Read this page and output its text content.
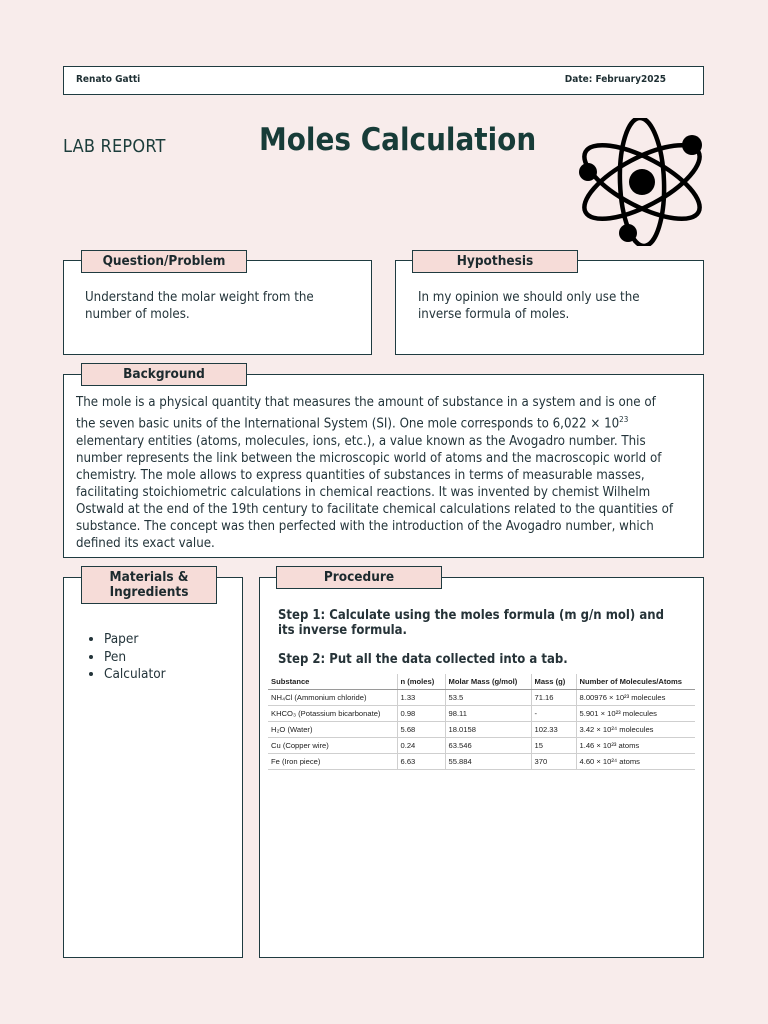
Renato Gatti	Date: February2025
LAB REPORT	Moles Calculation
Question/Problem
Understand the molar weight from the number of moles.
Hypothesis
In my opinion we should only use the inverse formula of moles.
Background
The mole is a physical quantity that measures the amount of substance in a system and is one of the seven basic units of the International System (SI). One mole corresponds to $6,022 \times 10^{23}$ elementary entities (atoms, molecules, ions, etc.), a value known as the Avogadro number. This number represents the link between the microscopic world of atoms and the macroscopic world of chemistry. The mole allows to express quantities of substances in terms of measurable masses, facilitating stoichiometric calculations in chemical reactions. It was invented by chemist Wilhelm Ostwald at the end of the 19th century to facilitate chemical calculations related to the quantities of substance. The concept was then perfected with the introduction of the Avogadro number, which defined its exact value.
Materials & Ingredients
• Paper
• Pen
• Calculator
Procedure
Step 1: Calculate using the moles formula (m g/n mol) and its inverse formula.
Step 2: Put all the data collected into a tab.
Substance	n (moles)	Molar Mass (g/mol)	Mass (g)	Number of Molecules/Atoms
NH₄Cl (Ammonium chloride)	1.33	53.5	71.16	8.00976 × 10²³ molecules
KHCO₃ (Potassium bicarbonate)	0.98	98.11	-	5.901 × 10²³ molecules
H₂O (Water)	5.68	18.0158	102.33	3.42 × 10²⁴ molecules
Cu (Copper wire)	0.24	63.546	15	1.46 × 10²³ atoms
Fe (Iron piece)	6.63	55.884	370	4.60 × 10²⁴ atoms
